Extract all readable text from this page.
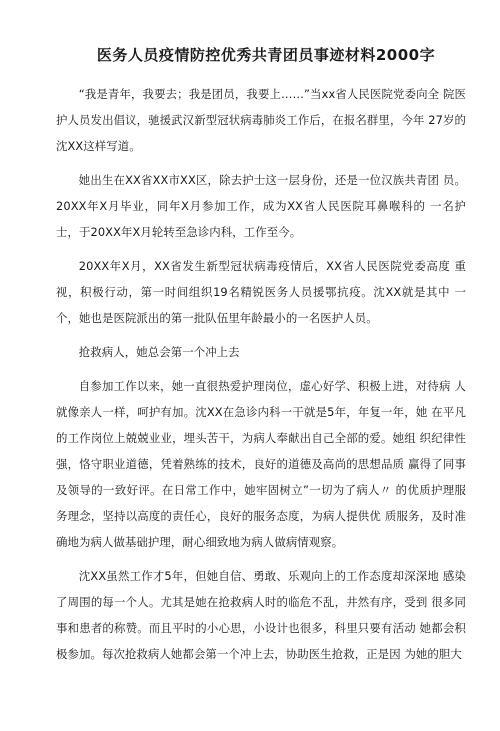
医务人员疫情防控优秀共青团员事迹材料2000字

“我是青年，我要去；我是团员，我要上……”当xx省人民医院党委向全 院医护人员发出倡议，驰援武汉新型冠状病毒肺炎工作后，在报名群里，今年 27岁的沈XX这样写道。

她出生在XX省XX市XX区，除去护士这一层身份，还是一位汉族共青团 员。20XX年X月毕业，同年X月参加工作，成为XX省人民医院耳鼻喉科的 一名护士，于20XX年X月轮转至急诊内科，工作至今。

20XX年X月，XX省发生新型冠状病毒疫情后，XX省人民医院党委高度 重视，积极行动，第一时间组织19名精锐医务人员援鄂抗疫。沈XX就是其中 一个，她也是医院派出的第一批队伍里年龄最小的一名医护人员。

抢救病人，她总会第一个冲上去

自参加工作以来，她一直很热爱护理岗位，虚心好学、积极上进，对待病 人就像亲人一样，呵护有加。沈XX在急诊内科一干就是5年，年复一年，她 在平凡的工作岗位上兢兢业业，埋头苦干，为病人奉献出自己全部的爱。她组 织纪律性强，恪守职业道德，凭着熟练的技术，良好的道德及高尚的思想品质 赢得了同事及领导的一致好评。在日常工作中，她牢固树立”一切为了病人〃 的优质护理服务理念，坚持以高度的责任心，良好的服务态度，为病人提供优 质服务，及时准确地为病人做基础护理，耐心细致地为病人做病情观察。

沈XX虽然工作才5年，但她自信、勇敢、乐观向上的工作态度却深深地 感染了周围的每一个人。尤其是她在抢救病人时的临危不乱，井然有序，受到 很多同事和患者的称赞。而且平时的小心思，小设计也很多，科里只要有活动 她都会积极参加。每次抢救病人她都会第一个冲上去，协助医生抢救，正是因 为她的胆大
